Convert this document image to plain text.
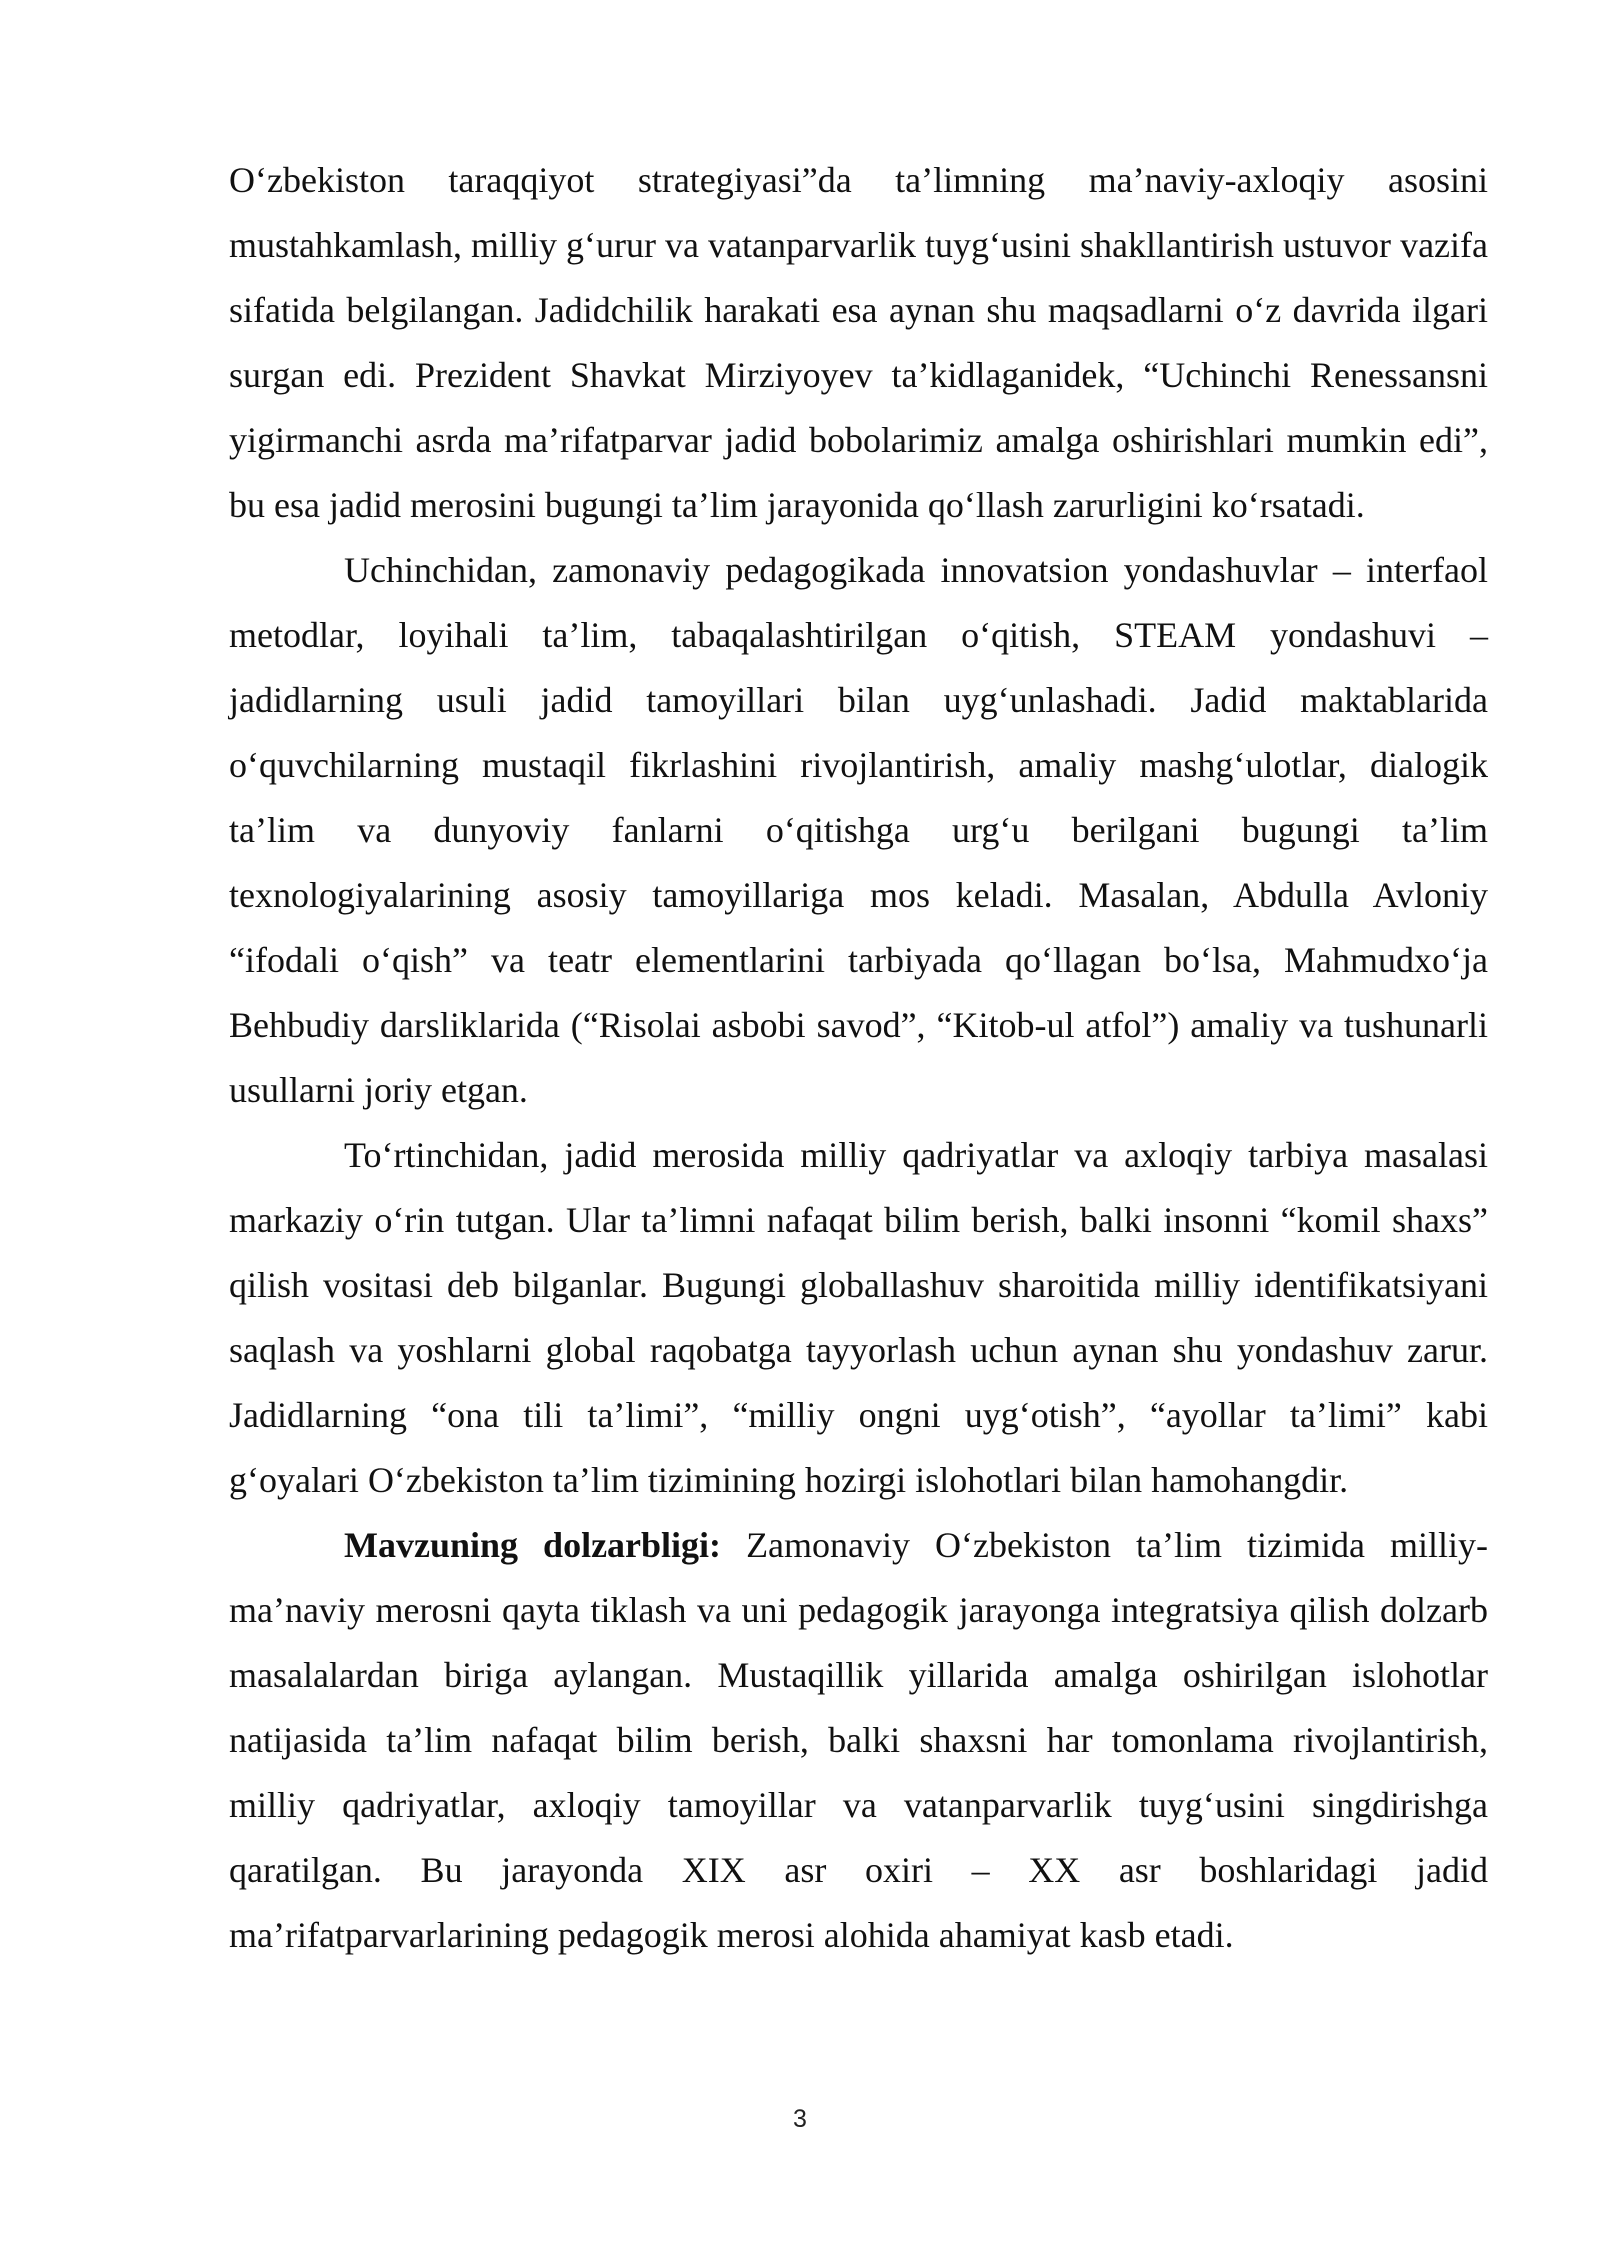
O‘zbekiston taraqqiyot strategiyasi”da ta’limning ma’naviy-axloqiy asosini mustahkamlash, milliy g‘urur va vatanparvarlik tuyg‘usini shakllantirish ustuvor vazifa sifatida belgilangan. Jadidchilik harakati esa aynan shu maqsadlarni o‘z davrida ilgari surgan edi. Prezident Shavkat Mirziyoyev ta’kidlaganidek, “Uchinchi Renessansni yigirmanchi asrda ma’rifatparvar jadid bobolarimiz amalga oshirishlari mumkin edi”, bu esa jadid merosini bugungi ta’lim jarayonida qo‘llash zarurligini ko‘rsatadi.

Uchinchidan, zamonaviy pedagogikada innovatsion yondashuvlar – interfaol metodlar, loyihali ta’lim, tabaqalashtirilgan o‘qitish, STEAM yondashuvi – jadidlarning usuli jadid tamoyillari bilan uyg‘unlashadi. Jadid maktablarida o‘quvchilarning mustaqil fikrlashini rivojlantirish, amaliy mashg‘ulotlar, dialogik ta’lim va dunyoviy fanlarni o‘qitishga urg‘u berilgani bugungi ta’lim texnologiyalarining asosiy tamoyillariga mos keladi. Masalan, Abdulla Avloniy “ifodali o‘qish” va teatr elementlarini tarbiyada qo‘llagan bo‘lsa, Mahmudxo‘ja Behbudiy darsliklarida (“Risolai asbobi savod”, “Kitob-ul atfol”) amaliy va tushunarli usullarni joriy etgan.

To‘rtinchidan, jadid merosida milliy qadriyatlar va axloqiy tarbiya masalasi markaziy o‘rin tutgan. Ular ta’limni nafaqat bilim berish, balki insonni “komil shaxs” qilish vositasi deb bilganlar. Bugungi globallashuv sharoitida milliy identifikatsiyani saqlash va yoshlarni global raqobatga tayyorlash uchun aynan shu yondashuv zarur. Jadidlarning “ona tili ta’limi”, “milliy ongni uyg‘otish”, “ayollar ta’limi” kabi g‘oyalari O‘zbekiston ta’lim tizimining hozirgi islohotlari bilan hamohangdir.

Mavzuning dolzarbligi: Zamonaviy O‘zbekiston ta’lim tizimida milliy-ma’naviy merosni qayta tiklash va uni pedagogik jarayonga integratsiya qilish dolzarb masalalardan biriga aylangan. Mustaqillik yillarida amalga oshirilgan islohotlar natijasida ta’lim nafaqat bilim berish, balki shaxsni har tomonlama rivojlantirish, milliy qadriyatlar, axloqiy tamoyillar va vatanparvarlik tuyg‘usini singdirishga qaratilgan. Bu jarayonda XIX asr oxiri – XX asr boshlaridagi jadid ma’rifatparvarlarining pedagogik merosi alohida ahamiyat kasb etadi.

3
